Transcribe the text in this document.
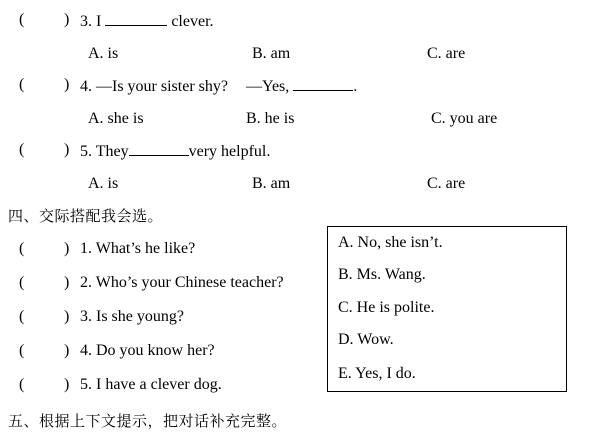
( ) 3. I	clever.
A. is	B. am	C. are
( ) 4. —Is your sister shy? —Yes,	.
A. she is	B. he is	C. you are
( ) 5. They	very helpful.
A. is	B. am	C. are
四、交际搭配我会选。
( ) 1. What’s he like?
( ) 2. Who’s your Chinese teacher?
( ) 3. Is she young?
( ) 4. Do you know her?
( ) 5. I have a clever dog.
A. No, she isn’t.
B. Ms. Wang.
C. He is polite.
D. Wow.
E. Yes, I do.
五、根据上下文提示，把对话补充完整。
